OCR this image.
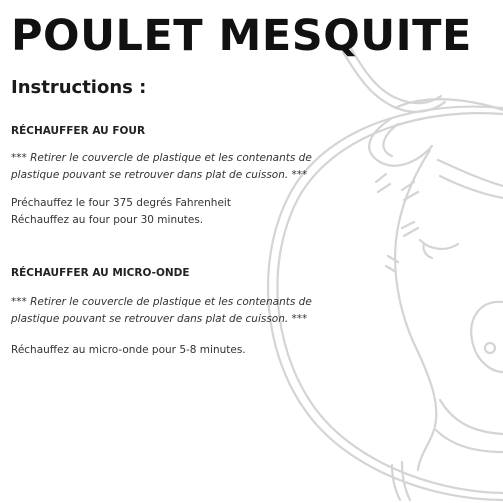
POULET MESQUITE
Instructions :
RÉCHAUFFER AU FOUR
*** Retirer le couvercle de plastique et les contenants de
plastique pouvant se retrouver dans plat de cuisson. ***
Préchauffez le four 375 degrés Fahrenheit
Réchauffez au four pour 30 minutes.
RÉCHAUFFER AU MICRO-ONDE
*** Retirer le couvercle de plastique et les contenants de
plastique pouvant se retrouver dans plat de cuisson. ***
Réchauffez au micro-onde pour 5-8 minutes.
